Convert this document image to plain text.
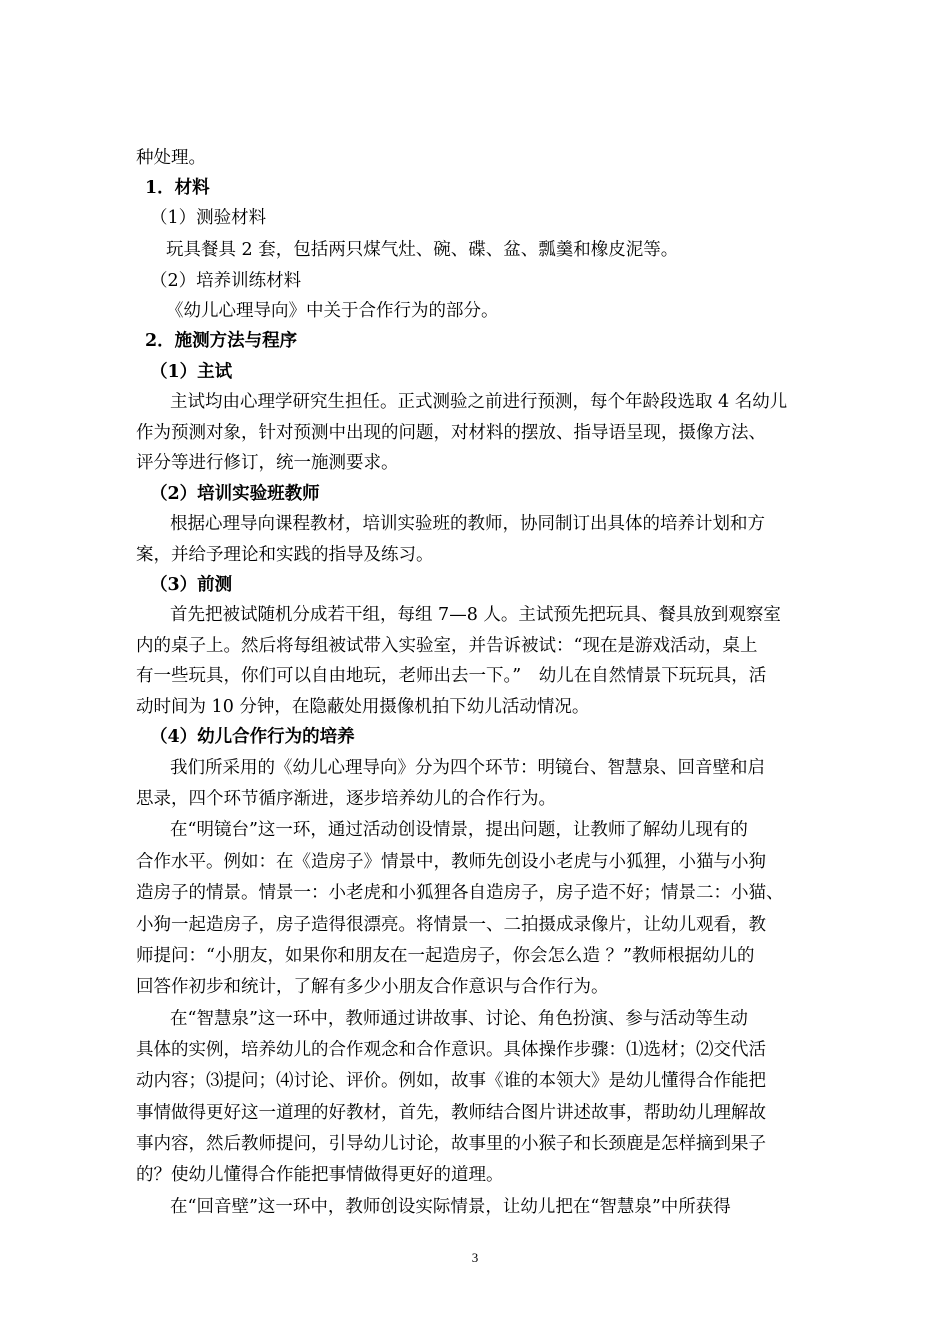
种处理。
1．材料
（1）测验材料
玩具餐具 2 套，包括两只煤气灶、碗、碟、盆、瓢羹和橡皮泥等。
（2）培养训练材料
《幼儿心理导向》中关于合作行为的部分。
2．施测方法与程序
（1）主试
主试均由心理学研究生担任。正式测验之前进行预测，每个年龄段选取 4 名幼儿
作为预测对象，针对预测中出现的问题，对材料的摆放、指导语呈现，摄像方法、
评分等进行修订，统一施测要求。
（2）培训实验班教师
根据心理导向课程教材，培训实验班的教师，协同制订出具体的培养计划和方
案，并给予理论和实践的指导及练习。
（3）前测
首先把被试随机分成若干组，每组 7—8 人。主试预先把玩具、餐具放到观察室
内的桌子上。然后将每组被试带入实验室，并告诉被试：“现在是游戏活动，桌上
有一些玩具，你们可以自由地玩，老师出去一下。”　幼儿在自然情景下玩玩具，活
动时间为 10 分钟，在隐蔽处用摄像机拍下幼儿活动情况。
（4）幼儿合作行为的培养
我们所采用的《幼儿心理导向》分为四个环节：明镜台、智慧泉、回音壁和启
思录，四个环节循序渐进，逐步培养幼儿的合作行为。
在“明镜台”这一环，通过活动创设情景，提出问题，让教师了解幼儿现有的
合作水平。例如：在《造房子》情景中，教师先创设小老虎与小狐狸，小猫与小狗
造房子的情景。情景一：小老虎和小狐狸各自造房子，房子造不好；情景二：小猫、
小狗一起造房子，房子造得很漂亮。将情景一、二拍摄成录像片，让幼儿观看，教
师提问：“小朋友，如果你和朋友在一起造房子，你会怎么造 ？”教师根据幼儿的
回答作初步和统计，了解有多少小朋友合作意识与合作行为。
在“智慧泉”这一环中，教师通过讲故事、讨论、角色扮演、参与活动等生动
具体的实例，培养幼儿的合作观念和合作意识。具体操作步骤：⑴选材；⑵交代活
动内容；⑶提问；⑷讨论、评价。例如，故事《谁的本领大》是幼儿懂得合作能把
事情做得更好这一道理的好教材，首先，教师结合图片讲述故事，帮助幼儿理解故
事内容，然后教师提问，引导幼儿讨论，故事里的小猴子和长颈鹿是怎样摘到果子
的？使幼儿懂得合作能把事情做得更好的道理。
在“回音壁”这一环中，教师创设实际情景，让幼儿把在“智慧泉”中所获得
3
